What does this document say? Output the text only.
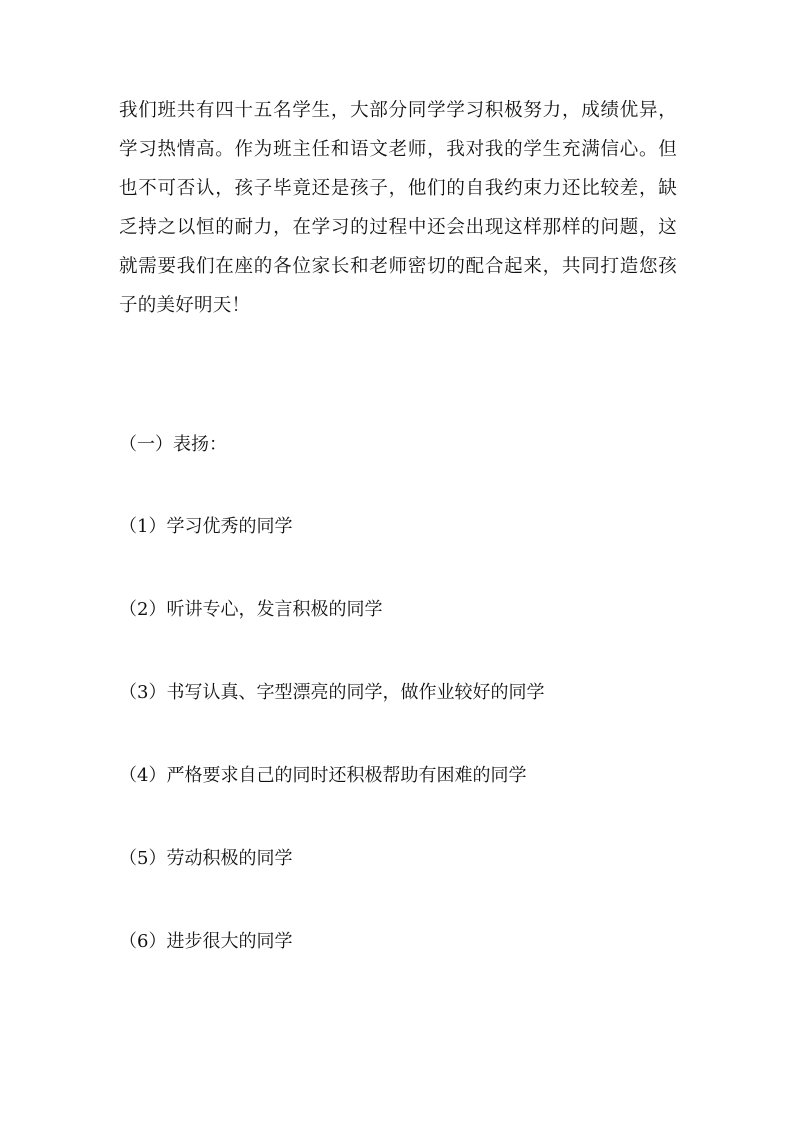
我们班共有四十五名学生，大部分同学学习积极努力，成绩优异，学习热情高。作为班主任和语文老师，我对我的学生充满信心。但也不可否认，孩子毕竟还是孩子，他们的自我约束力还比较差，缺乏持之以恒的耐力，在学习的过程中还会出现这样那样的问题，这就需要我们在座的各位家长和老师密切的配合起来，共同打造您孩子的美好明天！

（一）表扬：

（1）学习优秀的同学

（2）听讲专心，发言积极的同学

（3）书写认真、字型漂亮的同学，做作业较好的同学

（4）严格要求自己的同时还积极帮助有困难的同学

（5）劳动积极的同学

（6）进步很大的同学
